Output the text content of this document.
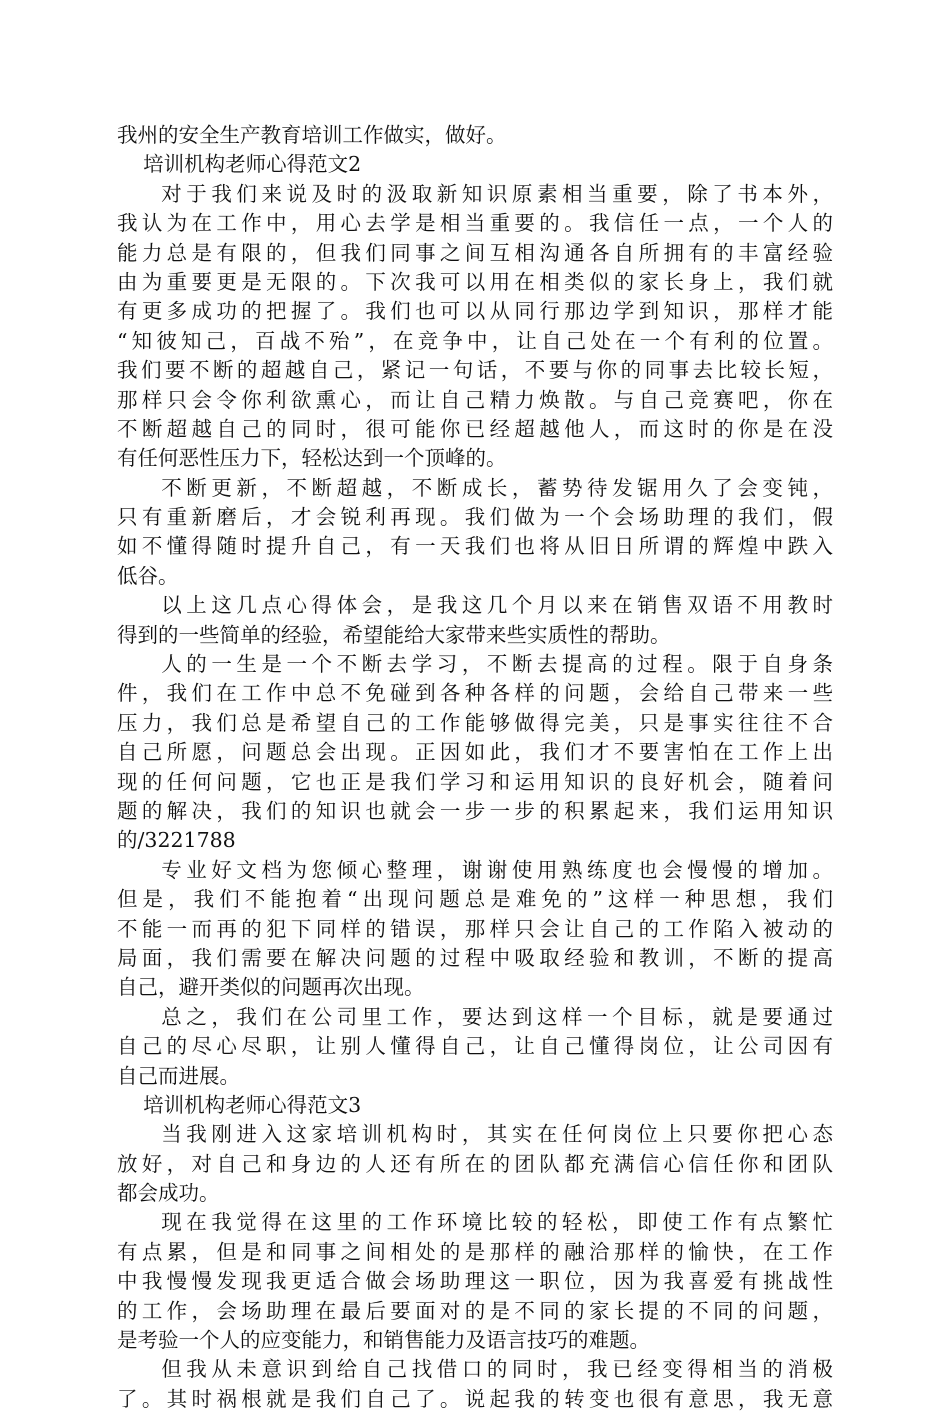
我州的安全生产教育培训工作做实，做好。
培训机构老师心得范文2
对于我们来说及时的汲取新知识原素相当重要，除了书本外，
我认为在工作中，用心去学是相当重要的。我信任一点，一个人的
能力总是有限的，但我们同事之间互相沟通各自所拥有的丰富经验
由为重要更是无限的。下次我可以用在相类似的家长身上，我们就
有更多成功的把握了。我们也可以从同行那边学到知识，那样才能
“知彼知己，百战不殆”，在竞争中，让自己处在一个有利的位置。
我们要不断的超越自己，紧记一句话，不要与你的同事去比较长短，
那样只会令你利欲熏心，而让自己精力焕散。与自己竞赛吧，你在
不断超越自己的同时，很可能你已经超越他人，而这时的你是在没
有任何恶性压力下，轻松达到一个顶峰的。
不断更新，不断超越，不断成长，蓄势待发锯用久了会变钝，
只有重新磨后，才会锐利再现。我们做为一个会场助理的我们，假
如不懂得随时提升自己，有一天我们也将从旧日所谓的辉煌中跌入
低谷。
以上这几点心得体会，是我这几个月以来在销售双语不用教时
得到的一些简单的经验，希望能给大家带来些实质性的帮助。
人的一生是一个不断去学习，不断去提高的过程。限于自身条
件，我们在工作中总不免碰到各种各样的问题，会给自己带来一些
压力，我们总是希望自己的工作能够做得完美，只是事实往往不合
自己所愿，问题总会出现。正因如此，我们才不要害怕在工作上出
现的任何问题，它也正是我们学习和运用知识的良好机会，随着问
题的解决，我们的知识也就会一步一步的积累起来，我们运用知识
的/3221788
专业好文档为您倾心整理，谢谢使用熟练度也会慢慢的增加。
但是，我们不能抱着“出现问题总是难免的”这样一种思想，我们
不能一而再的犯下同样的错误，那样只会让自己的工作陷入被动的
局面，我们需要在解决问题的过程中吸取经验和教训，不断的提高
自己，避开类似的问题再次出现。
总之，我们在公司里工作，要达到这样一个目标，就是要通过
自己的尽心尽职，让别人懂得自己，让自己懂得岗位，让公司因有
自己而进展。
培训机构老师心得范文3
当我刚进入这家培训机构时，其实在任何岗位上只要你把心态
放好，对自己和身边的人还有所在的团队都充满信心信任你和团队
都会成功。
现在我觉得在这里的工作环境比较的轻松，即使工作有点繁忙
有点累，但是和同事之间相处的是那样的融洽那样的愉快，在工作
中我慢慢发现我更适合做会场助理这一职位，因为我喜爱有挑战性
的工作，会场助理在最后要面对的是不同的家长提的不同的问题，
是考验一个人的应变能力，和销售能力及语言技巧的难题。
但我从未意识到给自己找借口的同时，我已经变得相当的消极
了。其时祸根就是我们自己了。说起我的转变也很有意思，我无意
